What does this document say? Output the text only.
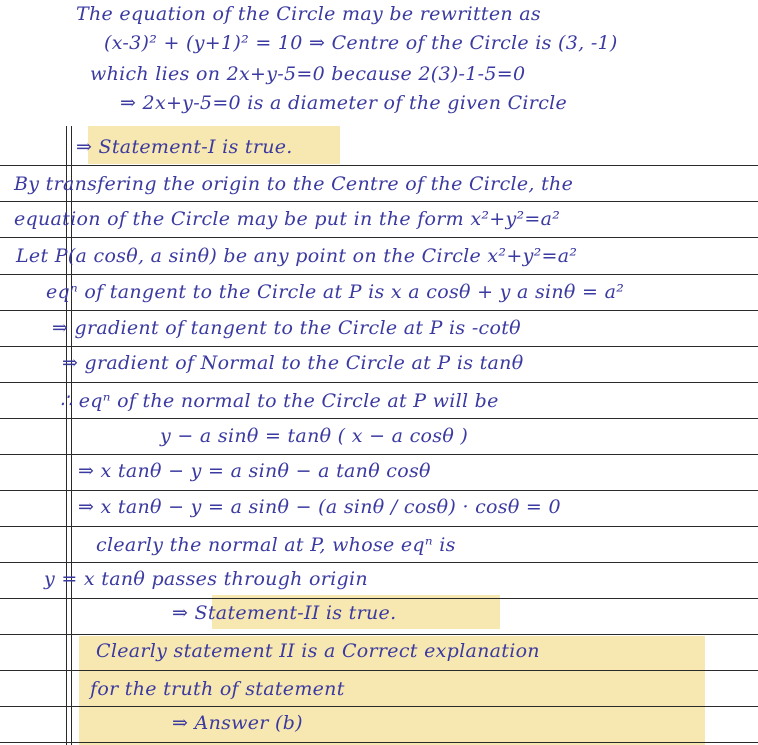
The equation of the Circle may be rewritten as
(x-3)² + (y+1)² = 10 ⇒ Centre of the Circle is (3, -1)
which lies on 2x+y-5=0 because 2(3)-1-5=0
⇒ 2x+y-5=0 is a diameter of the given Circle
⇒ Statement-I is true.
By transfering the origin to the Centre of the Circle, the
equation of the Circle may be put in the form x²+y²=a²
Let P(a cosθ, a sinθ) be any point on the Circle x²+y²=a²
eqⁿ of tangent to the Circle at P is x a cosθ + y a sinθ = a²
⇒ gradient of tangent to the Circle at P is -cotθ
⇒ gradient of Normal to the Circle at P is tanθ
∴ eqⁿ of the normal to the Circle at P will be
y − a sinθ = tanθ ( x − a cosθ )
⇒ x tanθ − y = a sinθ − a tanθ cosθ
⇒ x tanθ − y = a sinθ − (a sinθ / cosθ) · cosθ = 0
clearly the normal at P, whose eqⁿ is
y = x tanθ passes through origin
⇒ Statement-II is true.
Clearly statement II is a Correct explanation
for the truth of statement
⇒ Answer (b)
